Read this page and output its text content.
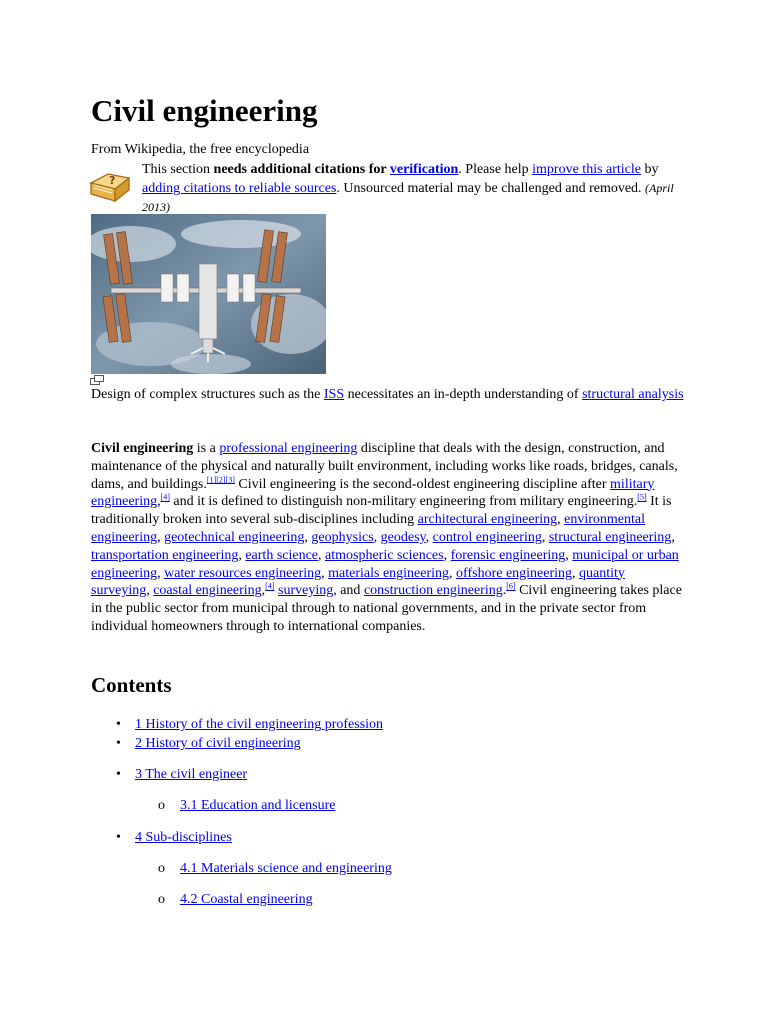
Civil engineering
From Wikipedia, the free encyclopedia
?
This section needs additional citations for verification. Please help improve this article by adding citations to reliable sources. Unsourced material may be challenged and removed. (April 2013)
Design of complex structures such as the ISS necessitates an in-depth understanding of structural analysis
Civil engineering is a professional engineering discipline that deals with the design, construction, and maintenance of the physical and naturally built environment, including works like roads, bridges, canals, dams, and buildings.[1][2][3] Civil engineering is the second-oldest engineering discipline after military engineering,[4] and it is defined to distinguish non-military engineering from military engineering.[5] It is traditionally broken into several sub-disciplines including architectural engineering, environmental engineering, geotechnical engineering, geophysics, geodesy, control engineering, structural engineering, transportation engineering, earth science, atmospheric sciences, forensic engineering, municipal or urban engineering, water resources engineering, materials engineering, offshore engineering, quantity surveying, coastal engineering,[4] surveying, and construction engineering.[6] Civil engineering takes place in the public sector from municipal through to national governments, and in the private sector from individual homeowners through to international companies.
Contents
• 1 History of the civil engineering profession
• 2 History of civil engineering
• 3 The civil engineer
o 3.1 Education and licensure
• 4 Sub-disciplines
o 4.1 Materials science and engineering
o 4.2 Coastal engineering
